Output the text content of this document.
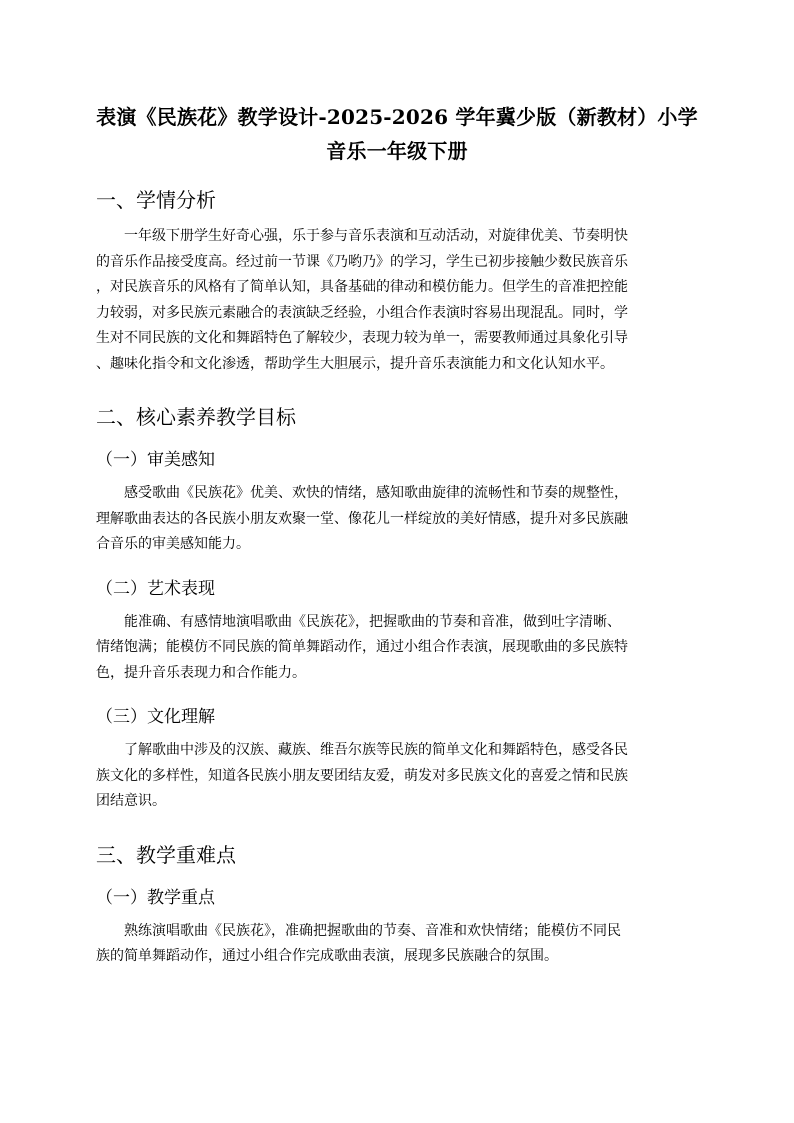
表演《民族花》教学设计-2025-2026 学年冀少版（新教材）小学
音乐一年级下册
一、学情分析

一年级下册学生好奇心强，乐于参与音乐表演和互动活动，对旋律优美、节奏明快
的音乐作品接受度高。经过前一节课《乃哟乃》的学习，学生已初步接触少数民族音乐
，对民族音乐的风格有了简单认知，具备基础的律动和模仿能力。但学生的音准把控能
力较弱，对多民族元素融合的表演缺乏经验，小组合作表演时容易出现混乱。同时，学
生对不同民族的文化和舞蹈特色了解较少，表现力较为单一，需要教师通过具象化引导
、趣味化指令和文化渗透，帮助学生大胆展示，提升音乐表演能力和文化认知水平。

二、核心素养教学目标
（一）审美感知

感受歌曲《民族花》优美、欢快的情绪，感知歌曲旋律的流畅性和节奏的规整性，
理解歌曲表达的各民族小朋友欢聚一堂、像花儿一样绽放的美好情感，提升对多民族融
合音乐的审美感知能力。

（二）艺术表现

能准确、有感情地演唱歌曲《民族花》，把握歌曲的节奏和音准，做到吐字清晰、
情绪饱满；能模仿不同民族的简单舞蹈动作，通过小组合作表演，展现歌曲的多民族特
色，提升音乐表现力和合作能力。

（三）文化理解

了解歌曲中涉及的汉族、藏族、维吾尔族等民族的简单文化和舞蹈特色，感受各民
族文化的多样性，知道各民族小朋友要团结友爱，萌发对多民族文化的喜爱之情和民族
团结意识。

三、教学重难点
（一）教学重点

熟练演唱歌曲《民族花》，准确把握歌曲的节奏、音准和欢快情绪；能模仿不同民
族的简单舞蹈动作，通过小组合作完成歌曲表演，展现多民族融合的氛围。
